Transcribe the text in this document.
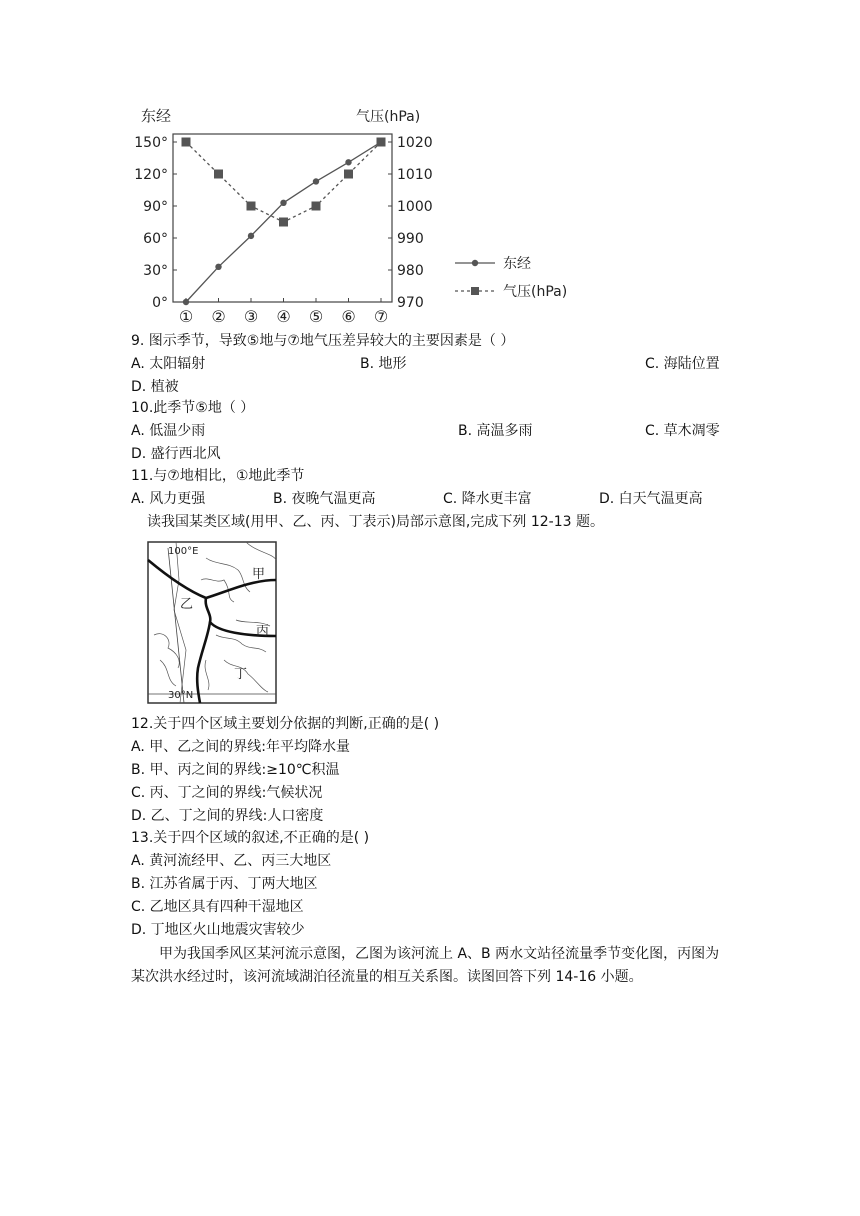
东经	气压(hPa)
0°
30°
60°
90°
120°
150°
970
980
990
1000
1010
1020
① ② ③ ④ ⑤ ⑥ ⑦
东经
气压(hPa)
9. 图示季节，导致⑤地与⑦地气压差异较大的主要因素是（ ）
A. 太阳辐射	B. 地形	C. 海陆位置
D. 植被
10.此季节⑤地（ ）
A. 低温少雨	B. 高温多雨	C. 草木凋零
D. 盛行西北风
11.与⑦地相比，①地此季节
A. 风力更强	B. 夜晚气温更高	C. 降水更丰富	D. 白天气温更高
读我国某类区域(用甲、乙、丙、丁表示)局部示意图,完成下列 12-13 题。
100°E
30°N
甲
乙
丙
丁
12.关于四个区域主要划分依据的判断,正确的是( )
A. 甲、乙之间的界线:年平均降水量
B. 甲、丙之间的界线:≥10℃积温
C. 丙、丁之间的界线:气候状况
D. 乙、丁之间的界线:人口密度
13.关于四个区域的叙述,不正确的是( )
A. 黄河流经甲、乙、丙三大地区
B. 江苏省属于丙、丁两大地区
C. 乙地区具有四种干湿地区
D. 丁地区火山地震灾害较少
甲为我国季风区某河流示意图，乙图为该河流上 A、B 两水文站径流量季节变化图，丙图为某次洪水经过时，该河流域湖泊径流量的相互关系图。读图回答下列 14-16 小题。
